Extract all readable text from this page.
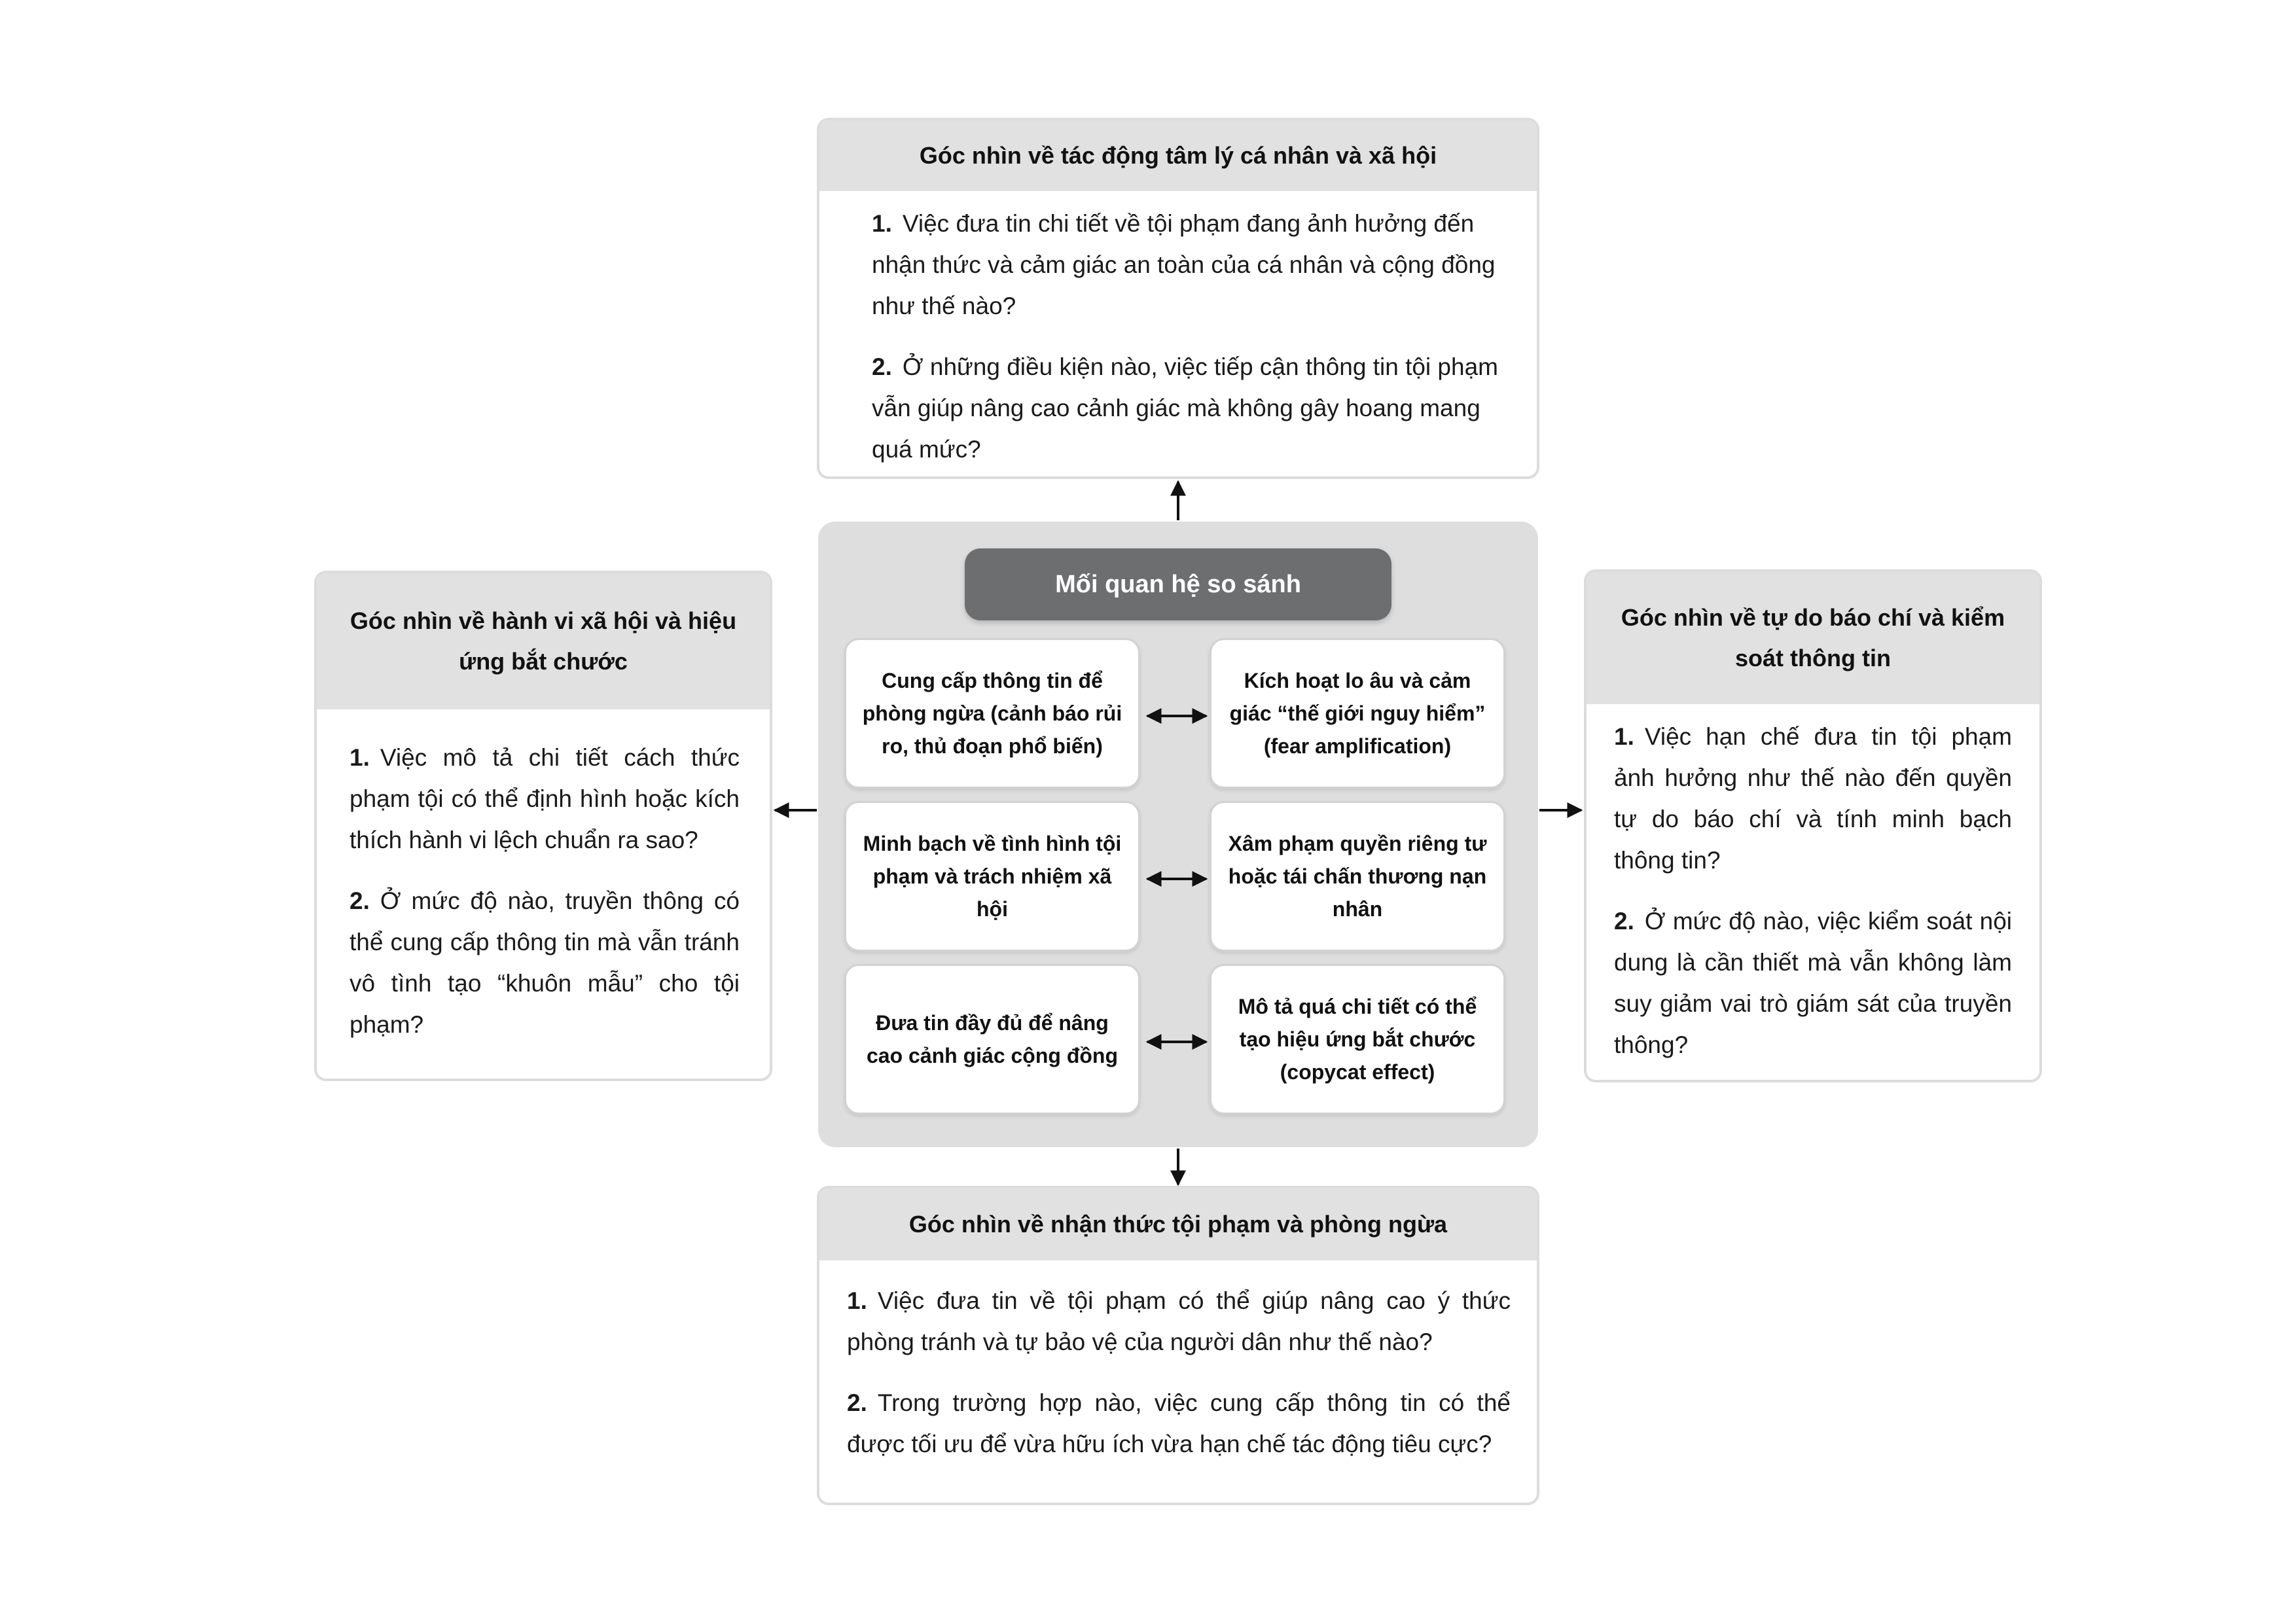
Góc nhìn về tác động tâm lý cá nhân và xã hội

1. Việc đưa tin chi tiết về tội phạm đang ảnh hưởng đến nhận thức và cảm giác an toàn của cá nhân và cộng đồng như thế nào?

2. Ở những điều kiện nào, việc tiếp cận thông tin tội phạm vẫn giúp nâng cao cảnh giác mà không gây hoang mang quá mức?

Góc nhìn về hành vi xã hội và hiệu ứng bắt chước

1. Việc mô tả chi tiết cách thức phạm tội có thể định hình hoặc kích thích hành vi lệch chuẩn ra sao?

2. Ở mức độ nào, truyền thông có thể cung cấp thông tin mà vẫn tránh vô tình tạo “khuôn mẫu” cho tội phạm?

Góc nhìn về tự do báo chí và kiểm soát thông tin

1. Việc hạn chế đưa tin tội phạm ảnh hưởng như thế nào đến quyền tự do báo chí và tính minh bạch thông tin?

2. Ở mức độ nào, việc kiểm soát nội dung là cần thiết mà vẫn không làm suy giảm vai trò giám sát của truyền thông?

Góc nhìn về nhận thức tội phạm và phòng ngừa

1. Việc đưa tin về tội phạm có thể giúp nâng cao ý thức phòng tránh và tự bảo vệ của người dân như thế nào?

2. Trong trường hợp nào, việc cung cấp thông tin có thể được tối ưu để vừa hữu ích vừa hạn chế tác động tiêu cực?

Mối quan hệ so sánh
Cung cấp thông tin để phòng ngừa (cảnh báo rủi ro, thủ đoạn phổ biến)
Kích hoạt lo âu và cảm giác “thế giới nguy hiểm” (fear amplification)
Minh bạch về tình hình tội phạm và trách nhiệm xã hội
Xâm phạm quyền riêng tư hoặc tái chấn thương nạn nhân
Đưa tin đầy đủ để nâng cao cảnh giác cộng đồng
Mô tả quá chi tiết có thể tạo hiệu ứng bắt chước (copycat effect)
